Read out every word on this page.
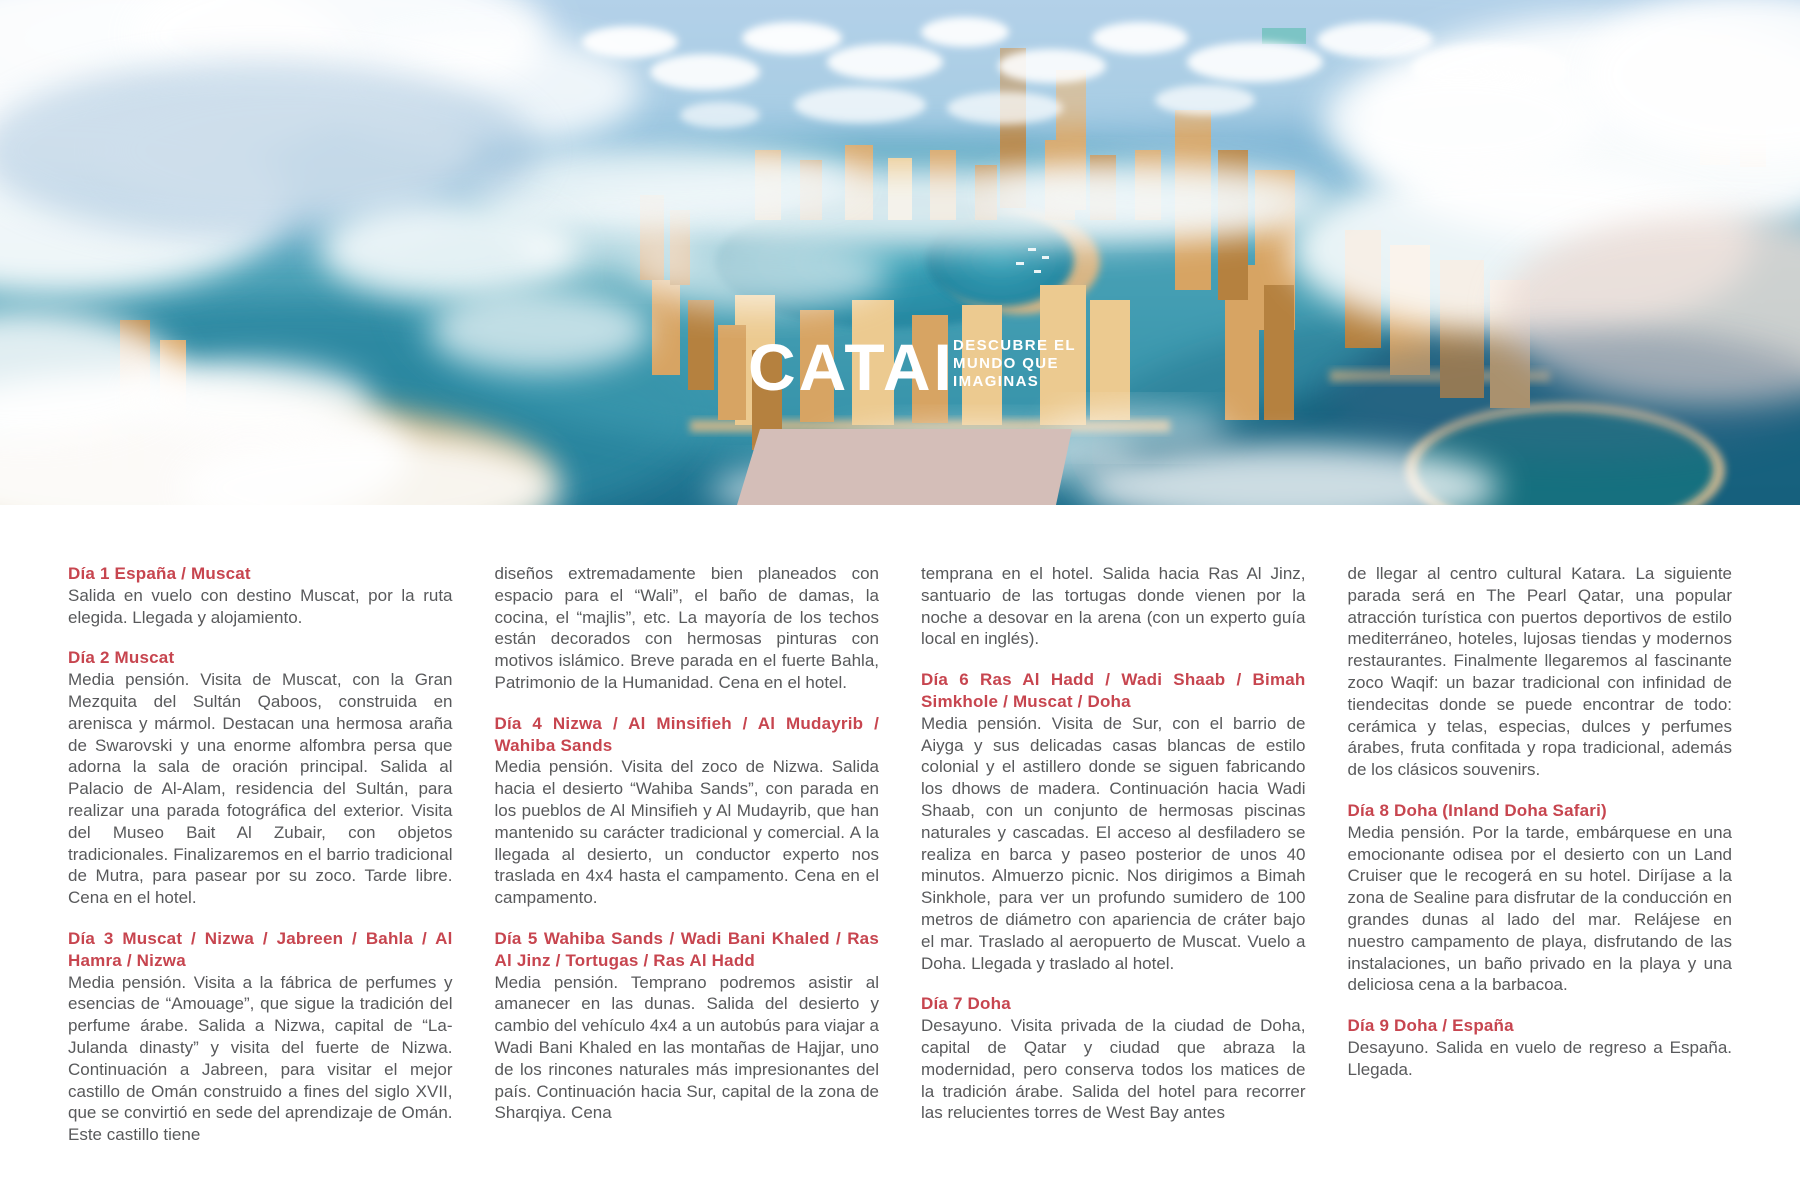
CATAI
DESCUBRE EL
MUNDO QUE
IMAGINAS
Día 1 España / Muscat

Salida en vuelo con destino Muscat, por la ruta elegida. Llegada y alojamiento.

Día 2 Muscat

Media pensión. Visita de Muscat, con la Gran Mezquita del Sultán Qaboos, construida en arenisca y mármol. Destacan una hermosa araña de Swarovski y una enorme alfombra persa que adorna la sala de oración principal. Salida al Palacio de Al-Alam, residencia del Sultán, para realizar una parada fotográfica del exterior. Visita del Museo Bait Al Zubair, con objetos tradicionales. Finalizaremos en el barrio tradicional de Mutra, para pasear por su zoco. Tarde libre. Cena en el hotel.

Día 3 Muscat / Nizwa / Jabreen / Bahla / Al Hamra / Nizwa

Media pensión. Visita a la fábrica de perfumes y esencias de “Amouage”, que sigue la tradición del perfume árabe. Salida a Nizwa, capital de “La- Julanda dinasty” y visita del fuerte de Nizwa. Continuación a Jabreen, para visitar el mejor castillo de Omán construido a fines del siglo XVII, que se convirtió en sede del aprendizaje de Omán. Este castillo tiene

diseños extremadamente bien planeados con espacio para el “Wali”, el baño de damas, la cocina, el “majlis”, etc. La mayoría de los techos están decorados con hermosas pinturas con motivos islámico. Breve parada en el fuerte Bahla, Patrimonio de la Humanidad. Cena en el hotel.

Día 4 Nizwa / Al Minsifieh / Al Mudayrib / Wahiba Sands

Media pensión. Visita del zoco de Nizwa. Salida hacia el desierto “Wahiba Sands”, con parada en los pueblos de Al Minsifieh y Al Mudayrib, que han mantenido su carácter tradicional y comercial. A la llegada al desierto, un conductor experto nos traslada en 4x4 hasta el campamento. Cena en el campamento.

Día 5 Wahiba Sands / Wadi Bani Khaled / Ras Al Jinz / Tortugas / Ras Al Hadd

Media pensión. Temprano podremos asistir al amanecer en las dunas. Salida del desierto y cambio del vehículo 4x4 a un autobús para viajar a Wadi Bani Khaled en las montañas de Hajjar, uno de los rincones naturales más impresionantes del país. Continuación hacia Sur, capital de la zona de Sharqiya. Cena

temprana en el hotel. Salida hacia Ras Al Jinz, santuario de las tortugas donde vienen por la noche a desovar en la arena (con un experto guía local en inglés).

Día 6 Ras Al Hadd / Wadi Shaab / Bimah Simkhole / Muscat / Doha

Media pensión. Visita de Sur, con el barrio de Aiyga y sus delicadas casas blancas de estilo colonial y el astillero donde se siguen fabricando los dhows de madera. Continuación hacia Wadi Shaab, con un conjunto de hermosas piscinas naturales y cascadas. El acceso al desfiladero se realiza en barca y paseo posterior de unos 40 minutos. Almuerzo picnic. Nos dirigimos a Bimah Sinkhole, para ver un profundo sumidero de 100 metros de diámetro con apariencia de cráter bajo el mar. Traslado al aeropuerto de Muscat. Vuelo a Doha. Llegada y traslado al hotel.

Día 7 Doha

Desayuno. Visita privada de la ciudad de Doha, capital de Qatar y ciudad que abraza la modernidad, pero conserva todos los matices de la tradición árabe. Salida del hotel para recorrer las relucientes torres de West Bay antes

de llegar al centro cultural Katara. La siguiente parada será en The Pearl Qatar, una popular atracción turística con puertos deportivos de estilo mediterráneo, hoteles, lujosas tiendas y modernos restaurantes. Finalmente llegaremos al fascinante zoco Waqif: un bazar tradicional con infinidad de tiendecitas donde se puede encontrar de todo: cerámica y telas, especias, dulces y perfumes árabes, fruta confitada y ropa tradicional, además de los clásicos souvenirs.

Día 8 Doha (Inland Doha Safari)

Media pensión. Por la tarde, embárquese en una emocionante odisea por el desierto con un Land Cruiser que le recogerá en su hotel. Diríjase a la zona de Sealine para disfrutar de la conducción en grandes dunas al lado del mar. Relájese en nuestro campamento de playa, disfrutando de las instalaciones, un baño privado en la playa y una deliciosa cena a la barbacoa.

Día 9 Doha / España

Desayuno. Salida en vuelo de regreso a España. Llegada.
